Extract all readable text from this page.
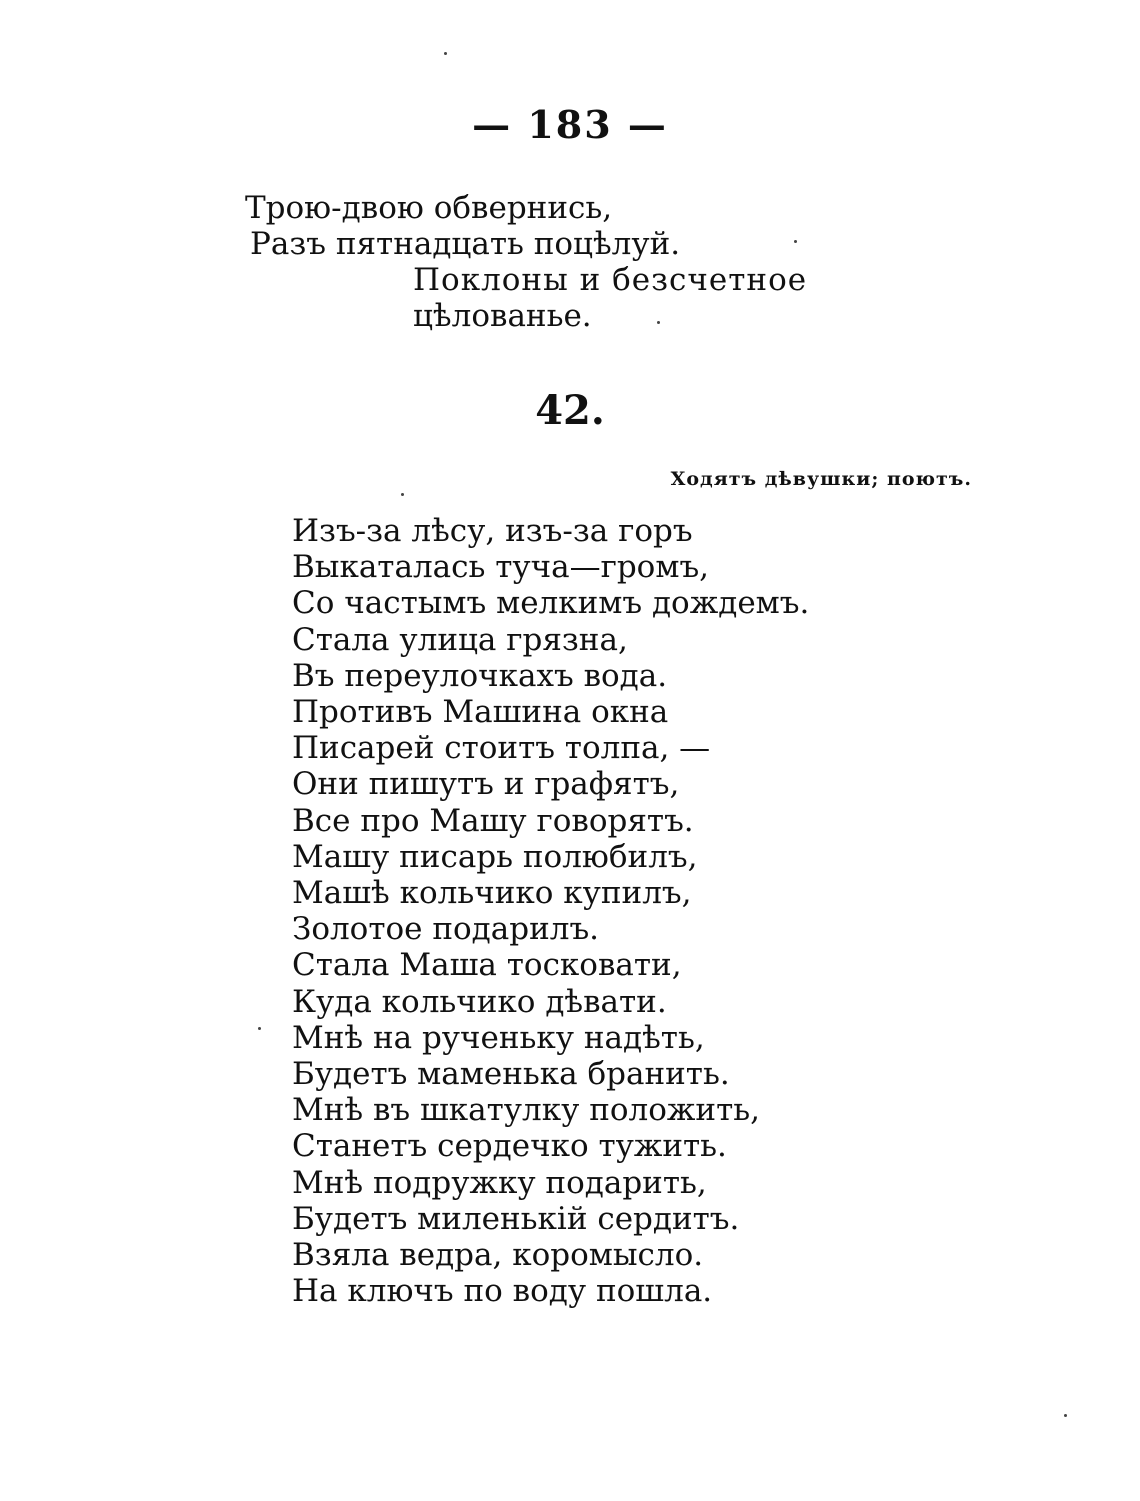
— 183 —
Трою-двою обвернись,
Разъ пятнадцать поцѣлуй.
Поклоны и безсчетное
цѣлованье.
42.
Ходятъ дѣвушки; поютъ.
Изъ-за лѣсу, изъ-за горъ
Выкаталась туча—громъ,
Со частымъ мелкимъ дождемъ.
Стала улица грязна,
Въ переулочкахъ вода.
Противъ Машина окна
Писарей стоитъ толпа, —
Они пишутъ и графятъ,
Все про Машу говорятъ.
Машу писарь полюбилъ,
Машѣ кольчико купилъ,
Золотое подарилъ.
Стала Маша тосковати,
Куда кольчико дѣвати.
Мнѣ на рученьку надѣть,
Будетъ маменька бранить.
Мнѣ въ шкатулку положить,
Станетъ сердечко тужить.
Мнѣ подружку подарить,
Будетъ миленькій сердитъ.
Взяла ведра, коромысло.
На ключъ по воду пошла.
